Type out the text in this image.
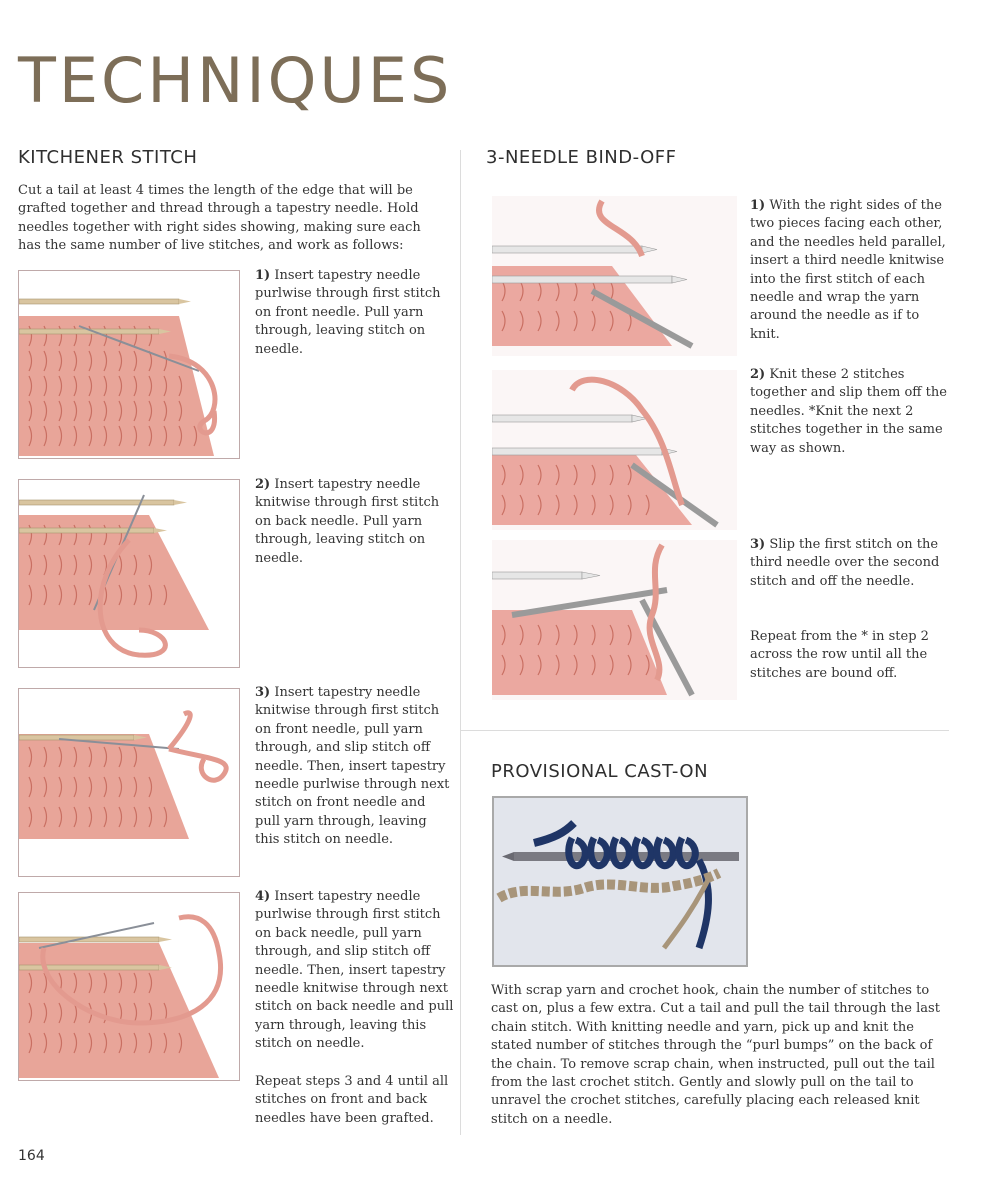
TECHNIQUES
KITCHENER STITCH

Cut a tail at least 4 times the length of the edge that will be grafted together and thread through a tapestry needle. Hold needles together with right sides showing, making sure each has the same number of live stitches, and work as follows:

1) Insert tapestry needle purlwise through first stitch on front needle. Pull yarn through, leaving stitch on needle.

2) Insert tapestry needle knitwise through first stitch on back needle. Pull yarn through, leaving stitch on needle.

3) Insert tapestry needle knitwise through first stitch on front needle, pull yarn through, and slip stitch off needle. Then, insert tapestry needle purlwise through next stitch on front needle and pull yarn through, leaving this stitch on needle.

4) Insert tapestry needle purlwise through first stitch on back needle, pull yarn through, and slip stitch off needle. Then, insert tapestry needle knitwise through next stitch on back needle and pull yarn through, leaving this stitch on needle.

Repeat steps 3 and 4 until all stitches on front and back needles have been grafted.

3-NEEDLE BIND-OFF

1) With the right sides of the two pieces facing each other, and the needles held parallel, insert a third needle knitwise into the first stitch of each needle and wrap the yarn around the needle as if to knit.

2) Knit these 2 stitches together and slip them off the needles. *Knit the next 2 stitches together in the same way as shown.

3) Slip the first stitch on the third needle over the second stitch and off the needle.

Repeat from the * in step 2 across the row until all the stitches are bound off.

PROVISIONAL CAST-ON

With scrap yarn and crochet hook, chain the number of stitches to cast on, plus a few extra. Cut a tail and pull the tail through the last chain stitch. With knitting needle and yarn, pick up and knit the stated number of stitches through the “purl bumps” on the back of the chain. To remove scrap chain, when instructed, pull out the tail from the last crochet stitch. Gently and slowly pull on the tail to unravel the crochet stitches, carefully placing each released knit stitch on a needle.

164
